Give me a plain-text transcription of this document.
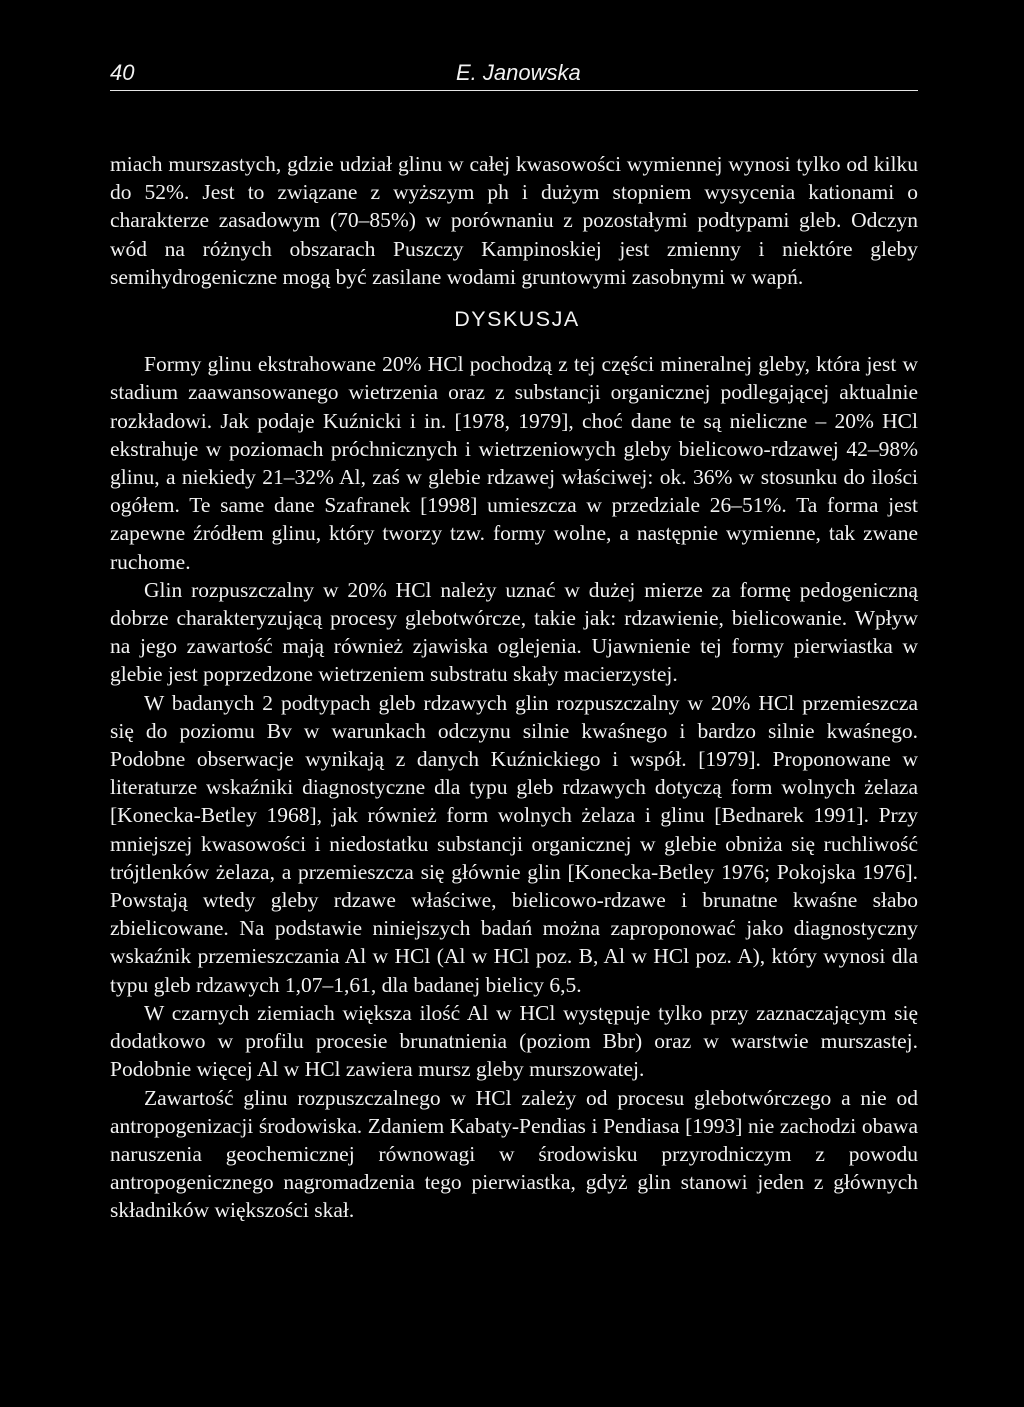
40	E. Janowska

miach murszastych, gdzie udział glinu w całej kwasowości wymiennej wynosi tylko od kilku do 52%. Jest to związane z wyższym ph i dużym stopniem wysycenia kationami o charakterze zasadowym (70–85%) w porównaniu z pozostałymi podtypami gleb. Odczyn wód na różnych obszarach Puszczy Kampinoskiej jest zmienny i niektóre gleby semihydrogeniczne mogą być zasilane wodami gruntowymi zasobnymi w wapń.

DYSKUSJA

Formy glinu ekstrahowane 20% HCl pochodzą z tej części mineralnej gleby, która jest w stadium zaawansowanego wietrzenia oraz z substancji organicznej podlegającej aktualnie rozkładowi. Jak podaje Kuźnicki i in. [1978, 1979], choć dane te są nieliczne – 20% HCl ekstrahuje w poziomach próchnicznych i wietrzeniowych gleby bielicowo-rdzawej 42–98% glinu, a niekiedy 21–32% Al, zaś w glebie rdzawej właściwej: ok. 36% w stosunku do ilości ogółem. Te same dane Szafranek [1998] umieszcza w przedziale 26–51%. Ta forma jest zapewne źródłem glinu, który tworzy tzw. formy wolne, a następnie wymienne, tak zwane ruchome.

Glin rozpuszczalny w 20% HCl należy uznać w dużej mierze za formę pedogeniczną dobrze charakteryzującą procesy glebotwórcze, takie jak: rdzawienie, bielicowanie. Wpływ na jego zawartość mają również zjawiska oglejenia. Ujawnienie tej formy pierwiastka w glebie jest poprzedzone wietrzeniem substratu skały macierzystej.

W badanych 2 podtypach gleb rdzawych glin rozpuszczalny w 20% HCl przemieszcza się do poziomu Bv w warunkach odczynu silnie kwaśnego i bardzo silnie kwaśnego. Podobne obserwacje wynikają z danych Kuźnickiego i współ. [1979]. Proponowane w literaturze wskaźniki diagnostyczne dla typu gleb rdzawych dotyczą form wolnych żelaza [Konecka-Betley 1968], jak również form wolnych żelaza i glinu [Bednarek 1991]. Przy mniejszej kwasowości i niedostatku substancji organicznej w glebie obniża się ruchliwość trójtlenków żelaza, a przemieszcza się głównie glin [Konecka-Betley 1976; Pokojska 1976]. Powstają wtedy gleby rdzawe właściwe, bielicowo-rdzawe i brunatne kwaśne słabo zbielicowane. Na podstawie niniejszych badań można zaproponować jako diagnostyczny wskaźnik przemieszczania Al w HCl (Al w HCl poz. B, Al w HCl poz. A), który wynosi dla typu gleb rdzawych 1,07–1,61, dla badanej bielicy 6,5.

W czarnych ziemiach większa ilość Al w HCl występuje tylko przy zaznaczającym się dodatkowo w profilu procesie brunatnienia (poziom Bbr) oraz w warstwie murszastej. Podobnie więcej Al w HCl zawiera mursz gleby murszowatej.

Zawartość glinu rozpuszczalnego w HCl zależy od procesu glebotwórczego a nie od antropogenizacji środowiska. Zdaniem Kabaty-Pendias i Pendiasa [1993] nie zachodzi obawa naruszenia geochemicznej równowagi w środowisku przyrodniczym z powodu antropogenicznego nagromadzenia tego pierwiastka, gdyż glin stanowi jeden z głównych składników większości skał.
